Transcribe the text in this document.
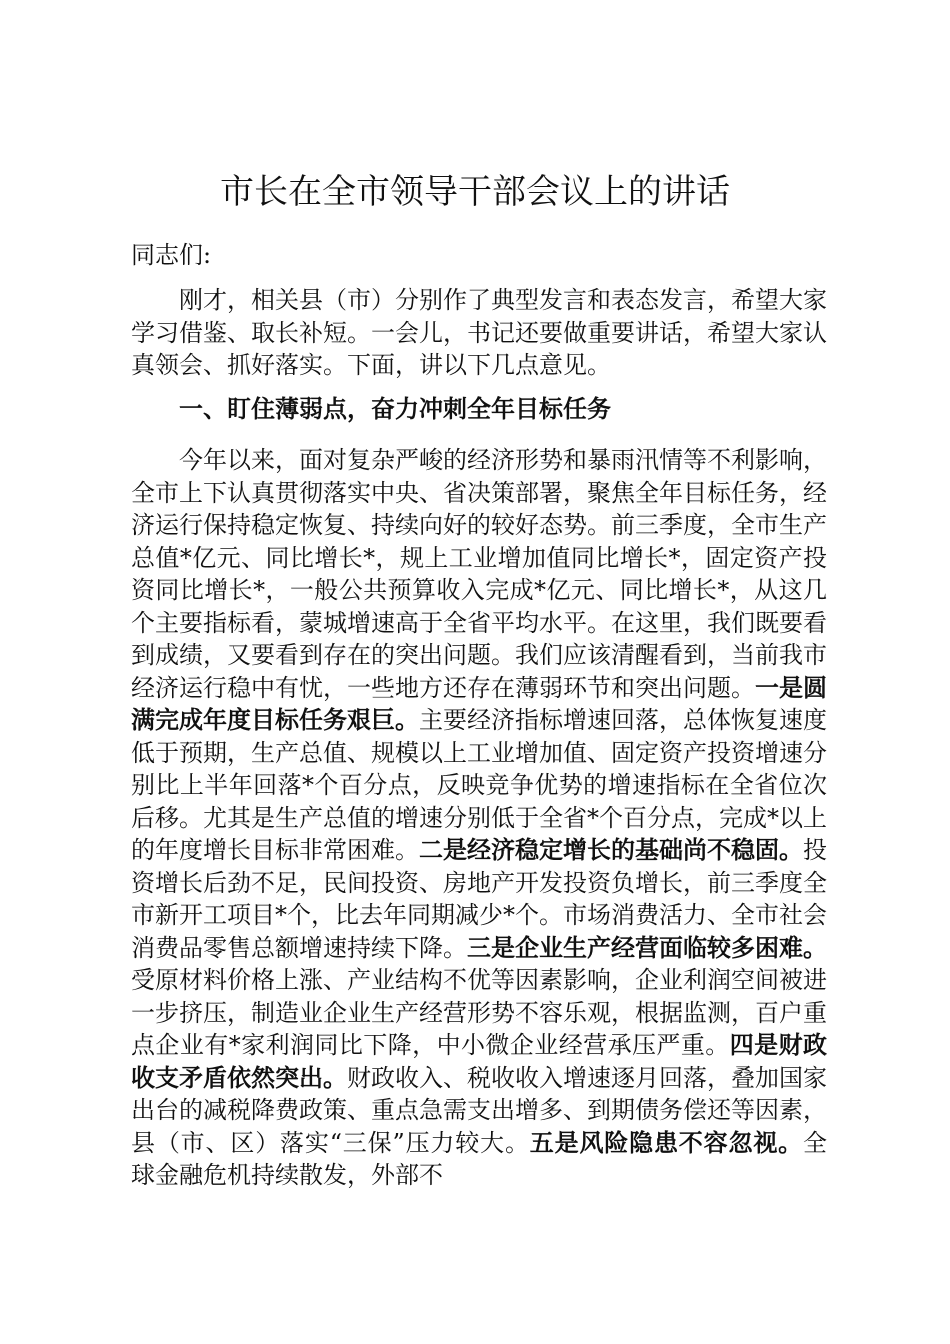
市长在全市领导干部会议上的讲话
同志们:

刚才，相关县（市）分别作了典型发言和表态发言，希望大家学习借鉴、取长补短。一会儿，书记还要做重要讲话，希望大家认真领会、抓好落实。下面，讲以下几点意见。

一、盯住薄弱点，奋力冲刺全年目标任务

今年以来，面对复杂严峻的经济形势和暴雨汛情等不利影响，全市上下认真贯彻落实中央、省决策部署，聚焦全年目标任务，经济运行保持稳定恢复、持续向好的较好态势。前三季度，全市生产总值*亿元、同比增长*，规上工业增加值同比增长*，固定资产投资同比增长*，一般公共预算收入完成*亿元、同比增长*，从这几个主要指标看，蒙城增速高于全省平均水平。在这里，我们既要看到成绩，又要看到存在的突出问题。我们应该清醒看到，当前我市经济运行稳中有忧，一些地方还存在薄弱环节和突出问题。一是圆满完成年度目标任务艰巨。主要经济指标增速回落，总体恢复速度低于预期，生产总值、规模以上工业增加值、固定资产投资增速分别比上半年回落*个百分点，反映竞争优势的增速指标在全省位次后移。尤其是生产总值的增速分别低于全省*个百分点，完成*以上的年度增长目标非常困难。二是经济稳定增长的基础尚不稳固。投资增长后劲不足，民间投资、房地产开发投资负增长，前三季度全市新开工项目*个，比去年同期减少*个。市场消费活力、全市社会消费品零售总额增速持续下降。三是企业生产经营面临较多困难。受原材料价格上涨、产业结构不优等因素影响，企业利润空间被进一步挤压，制造业企业生产经营形势不容乐观，根据监测，百户重点企业有*家利润同比下降，中小微企业经营承压严重。四是财政收支矛盾依然突出。财政收入、税收收入增速逐月回落，叠加国家出台的减税降费政策、重点急需支出增多、到期债务偿还等因素，县（市、区）落实“三保”压力较大。五是风险隐患不容忽视。全球金融危机持续散发，外部不
